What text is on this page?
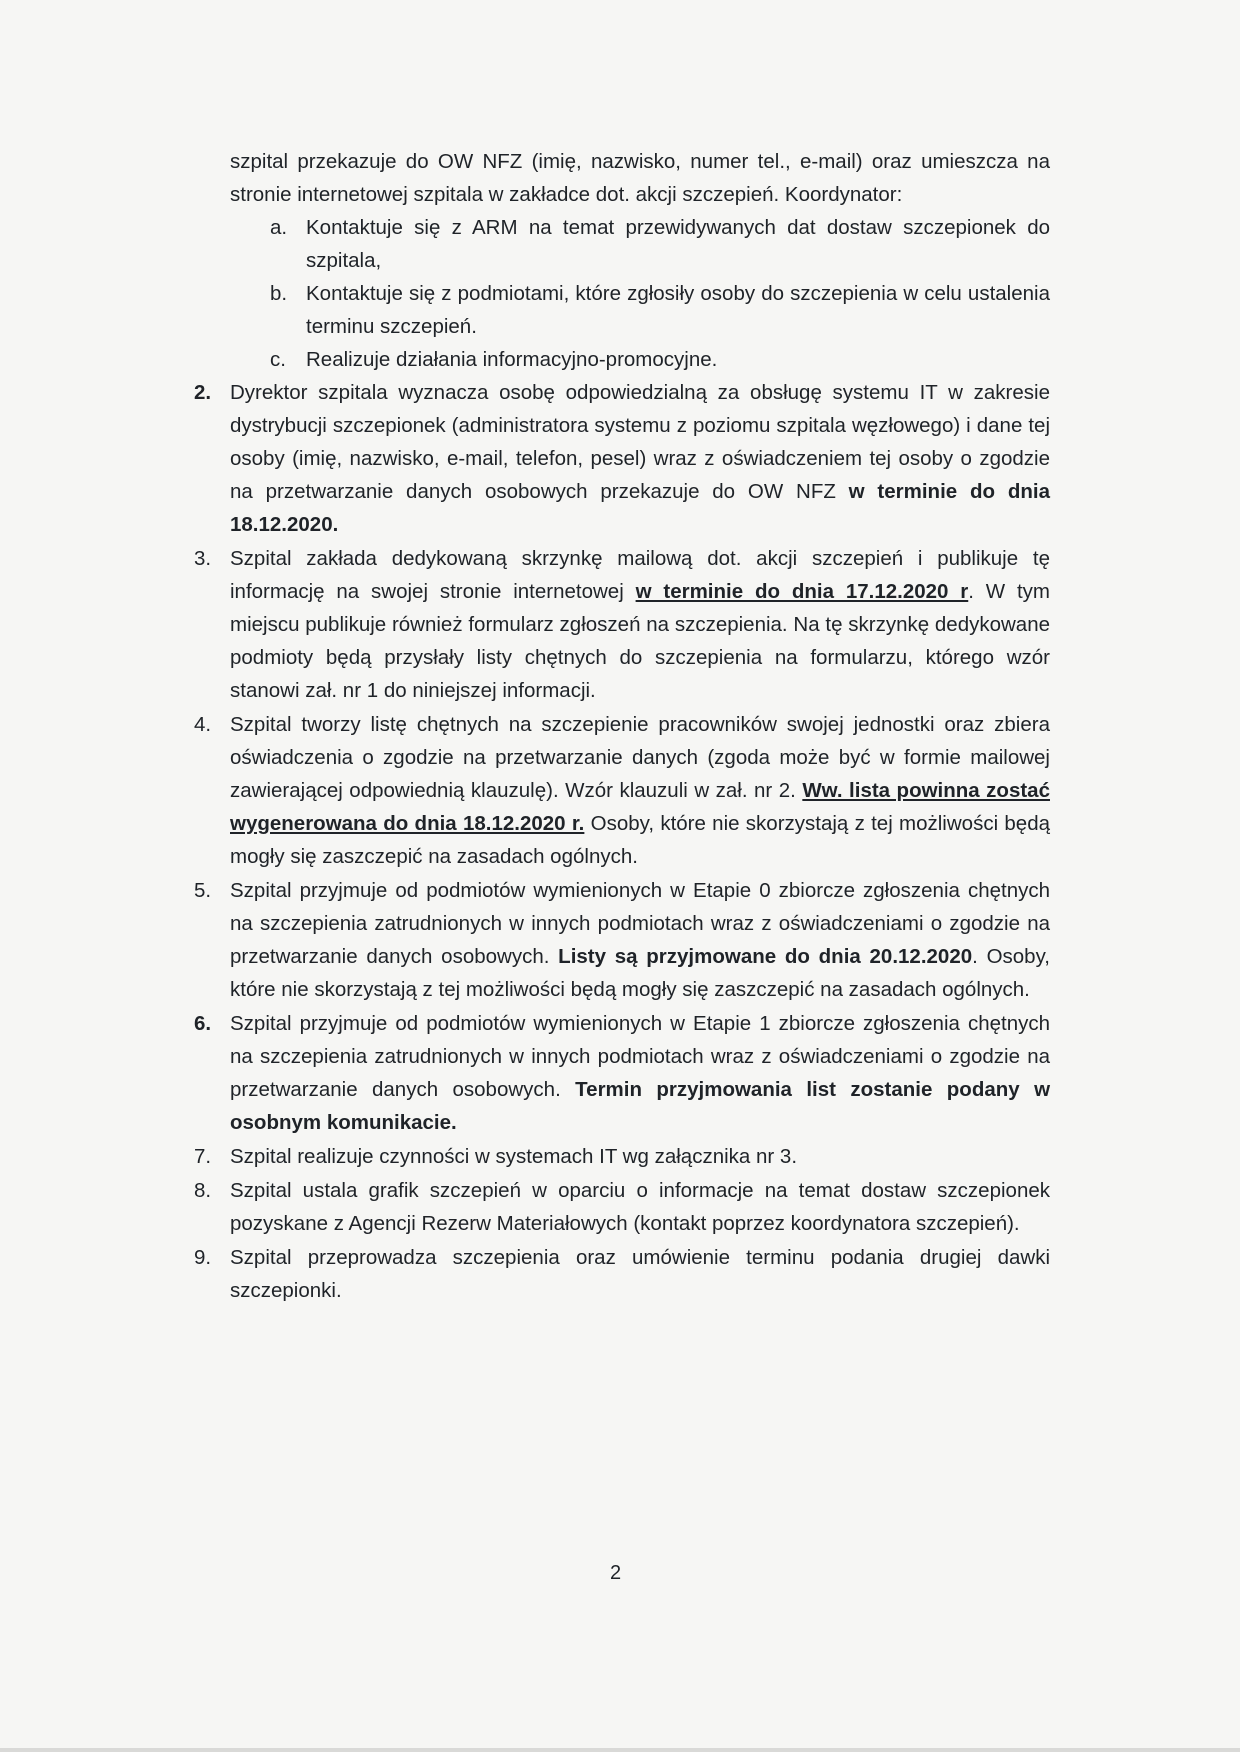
szpital przekazuje do OW NFZ (imię, nazwisko, numer tel., e-mail) oraz umieszcza na stronie internetowej szpitala w zakładce dot. akcji szczepień. Koordynator:

a. Kontaktuje się z ARM na temat przewidywanych dat dostaw szczepionek do szpitala,
b. Kontaktuje się z podmiotami, które zgłosiły osoby do szczepienia w celu ustalenia terminu szczepień.
c. Realizuje działania informacyjno-promocyjne.
2. Dyrektor szpitala wyznacza osobę odpowiedzialną za obsługę systemu IT w zakresie dystrybucji szczepionek (administratora systemu z poziomu szpitala węzłowego) i dane tej osoby (imię, nazwisko, e-mail, telefon, pesel) wraz z oświadczeniem tej osoby o zgodzie na przetwarzanie danych osobowych przekazuje do OW NFZ w terminie do dnia 18.12.2020.
3. Szpital zakłada dedykowaną skrzynkę mailową dot. akcji szczepień i publikuje tę informację na swojej stronie internetowej w terminie do dnia 17.12.2020 r. W tym miejscu publikuje również formularz zgłoszeń na szczepienia. Na tę skrzynkę dedykowane podmioty będą przysłały listy chętnych do szczepienia na formularzu, którego wzór stanowi zał. nr 1 do niniejszej informacji.
4. Szpital tworzy listę chętnych na szczepienie pracowników swojej jednostki oraz zbiera oświadczenia o zgodzie na przetwarzanie danych (zgoda może być w formie mailowej zawierającej odpowiednią klauzulę). Wzór klauzuli w zał. nr 2. Ww. lista powinna zostać wygenerowana do dnia 18.12.2020 r. Osoby, które nie skorzystają z tej możliwości będą mogły się zaszczepić na zasadach ogólnych.
5. Szpital przyjmuje od podmiotów wymienionych w Etapie 0 zbiorcze zgłoszenia chętnych na szczepienia zatrudnionych w innych podmiotach wraz z oświadczeniami o zgodzie na przetwarzanie danych osobowych. Listy są przyjmowane do dnia 20.12.2020. Osoby, które nie skorzystają z tej możliwości będą mogły się zaszczepić na zasadach ogólnych.
6. Szpital przyjmuje od podmiotów wymienionych w Etapie 1 zbiorcze zgłoszenia chętnych na szczepienia zatrudnionych w innych podmiotach wraz z oświadczeniami o zgodzie na przetwarzanie danych osobowych. Termin przyjmowania list zostanie podany w osobnym komunikacie.
7. Szpital realizuje czynności w systemach IT wg załącznika nr 3.
8. Szpital ustala grafik szczepień w oparciu o informacje na temat dostaw szczepionek pozyskane z Agencji Rezerw Materiałowych (kontakt poprzez koordynatora szczepień).
9. Szpital przeprowadza szczepienia oraz umówienie terminu podania drugiej dawki szczepionki.
2
